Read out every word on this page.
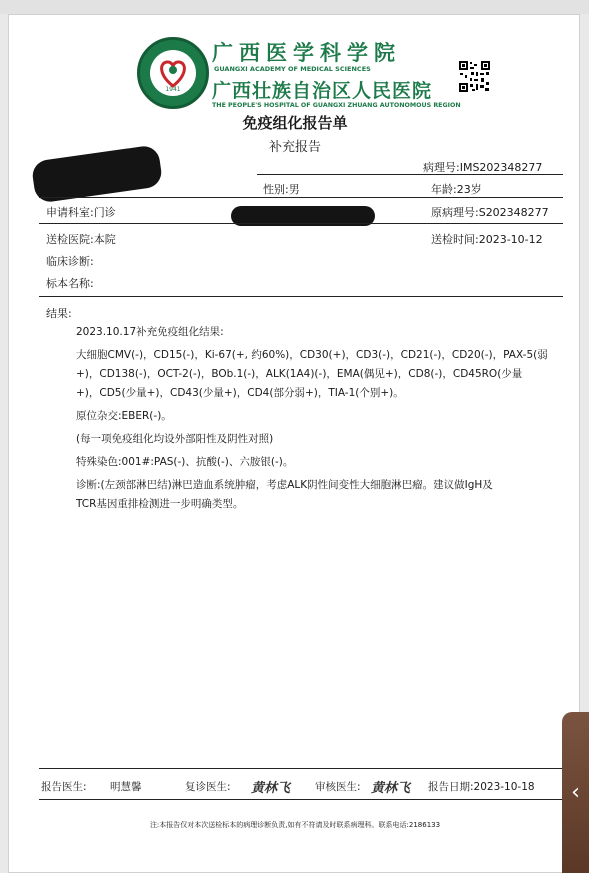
1941
广西医学科学院
GUANGXI ACADEMY OF MEDICAL SCIENCES
广西壮族自治区人民医院
THE PEOPLE'S HOSPITAL OF GUANGXI ZHUANG AUTONOMOUS REGION
免疫组化报告单
补充报告
病理号:IMS202348277
性别:男	年龄:23岁
申请科室:门诊	原病理号:S202348277
送检医院:本院	送检时间:2023-10-12
临床诊断:
标本名称:
结果:
2023.10.17补充免疫组化结果:
大细胞CMV(-)，CD15(-)，Ki-67(+, 约60%)，CD30(+)，CD3(-)，CD21(-)，CD20(-)，PAX-5(弱
+)，CD138(-)，OCT-2(-)，BOb.1(-)，ALK(1A4)(-)，EMA(偶见+)，CD8(-)，CD45RO(少量
+)，CD5(少量+)，CD43(少量+)，CD4(部分弱+)，TIA-1(个别+)。
原位杂交:EBER(-)。
(每一项免疫组化均设外部阳性及阴性对照)
特殊染色:001#:PAS(-)、抗酸(-)、六胺银(-)。
诊断:(左颈部淋巴结)淋巴造血系统肿瘤，考虑ALK阴性间变性大细胞淋巴瘤。建议做IgH及
TCR基因重排检测进一步明确类型。
报告医生: 明慧馨	复诊医生: 黄林飞 审核医生: 黄林飞 报告日期:2023-10-18
注:本报告仅对本次送检标本的病理诊断负责,如有不符请及时联系病理科。联系电话:2186133
‹
